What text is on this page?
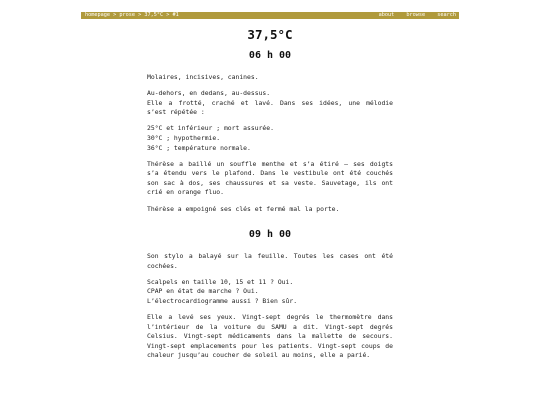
homepage > prose > 37,5°C > #1	about browse search
37,5°C
06 h 00

Molaires, incisives, canines.

Au-dehors, en dedans, au-dessus.
Elle a frotté, craché et lavé. Dans ses idées, une mélodie s’est répétée :

25°C et inférieur ; mort assurée.
30°C ; hypothermie.
36°C ; température normale.

Thérèse a baillé un souffle menthe et s’a étiré — ses doigts s’a étendu vers le plafond. Dans le vestibule ont été couchés son sac à dos, ses chaussures et sa veste. Sauvetage, ils ont crié en orange fluo.

Thérèse a empoigné ses clés et fermé mal la porte.

09 h 00

Son stylo a balayé sur la feuille. Toutes les cases ont été cochées.

Scalpels en taille 10, 15 et 11 ? Oui.
CPAP en état de marche ? Oui.
L’électrocardiogramme aussi ? Bien sûr.

Elle a levé ses yeux. Vingt-sept degrés le thermomètre dans l’intérieur de la voiture du SAMU a dit. Vingt-sept degrés Celsius. Vingt-sept médicaments dans la mallette de secours. Vingt-sept emplacements pour les patients. Vingt-sept coups de chaleur jusqu’au coucher de soleil au moins, elle a parié.
